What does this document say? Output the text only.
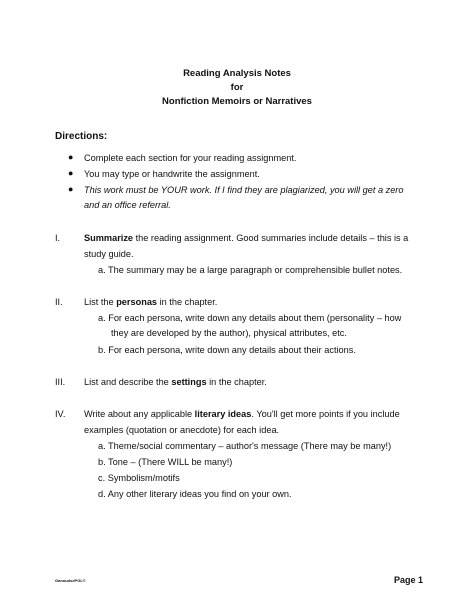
Reading Analysis Notes
for
Nonfiction Memoirs or Narratives
Directions:
● Complete each section for your reading assignment.
● You may type or handwrite the assignment.
● This work must be YOUR work. If I find they are plagiarized, you will get a zero
and an office referral.
I.	Summarize the reading assignment. Good summaries include details – this is a
study guide.
a. The summary may be a large paragraph or comprehensible bullet notes.
II. List the personas in the chapter.
a. For each persona, write down any details about them (personality – how
they are developed by the author), physical attributes, etc.
b. For each persona, write down any details about their actions.
III. List and describe the settings in the chapter.
IV. Write about any applicable literary ideas. You'll get more points if you include
examples (quotation or anecdote) for each idea.
a. Theme/social commentary – author's message (There may be many!)
b. Tone – (There WILL be many!)
c. Symbolism/motifs
d. Any other literary ideas you find on your own.
GanoudsePGL©	Page 1
